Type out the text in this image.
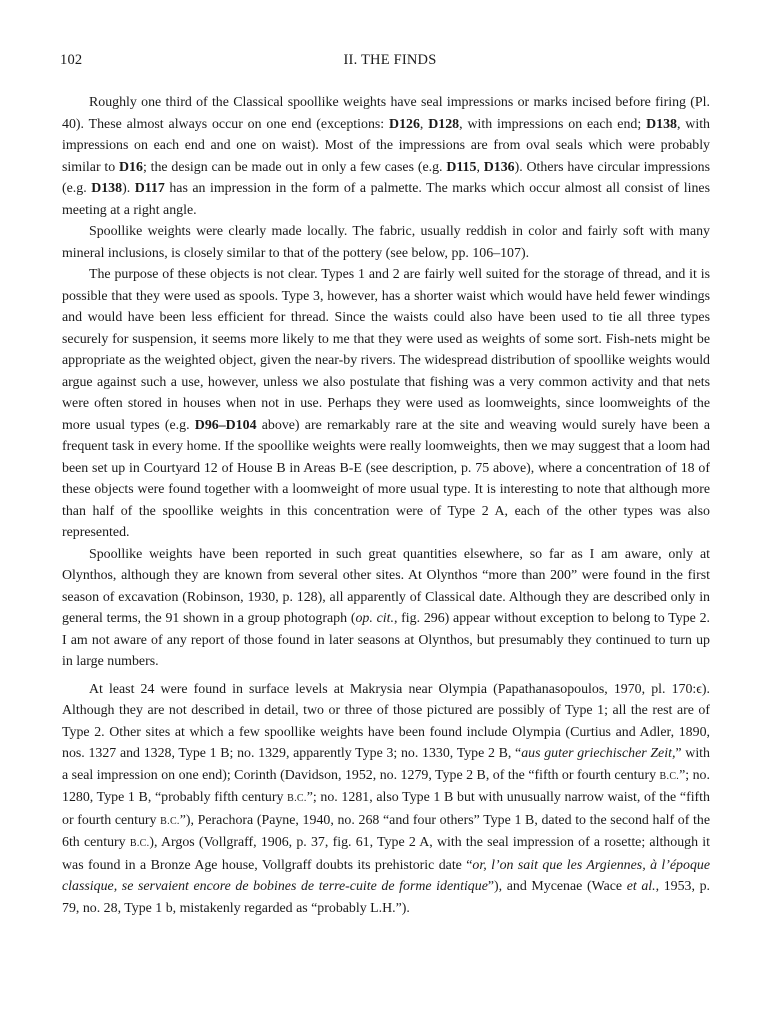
102	II. THE FINDS

Roughly one third of the Classical spoollike weights have seal impressions or marks incised before firing (Pl. 40). These almost always occur on one end (exceptions: D126, D128, with impressions on each end; D138, with impressions on each end and one on waist). Most of the impressions are from oval seals which were probably similar to D16; the design can be made out in only a few cases (e.g. D115, D136). Others have circular impressions (e.g. D138). D117 has an impression in the form of a palmette. The marks which occur almost all consist of lines meeting at a right angle.

Spoollike weights were clearly made locally. The fabric, usually reddish in color and fairly soft with many mineral inclusions, is closely similar to that of the pottery (see below, pp. 106–107).

The purpose of these objects is not clear. Types 1 and 2 are fairly well suited for the storage of thread, and it is possible that they were used as spools. Type 3, however, has a shorter waist which would have held fewer windings and would have been less efficient for thread. Since the waists could also have been used to tie all three types securely for suspension, it seems more likely to me that they were used as weights of some sort. Fish-nets might be appropriate as the weighted object, given the near-by rivers. The widespread distribution of spoollike weights would argue against such a use, however, unless we also postulate that fishing was a very common activity and that nets were often stored in houses when not in use. Perhaps they were used as loomweights, since loomweights of the more usual types (e.g. D96–D104 above) are remarkably rare at the site and weaving would surely have been a frequent task in every home. If the spoollike weights were really loomweights, then we may suggest that a loom had been set up in Courtyard 12 of House B in Areas B-E (see description, p. 75 above), where a concentration of 18 of these objects were found together with a loomweight of more usual type. It is interesting to note that although more than half of the spoollike weights in this concentration were of Type 2 A, each of the other types was also represented.

Spoollike weights have been reported in such great quantities elsewhere, so far as I am aware, only at Olynthos, although they are known from several other sites. At Olynthos “more than 200” were found in the first season of excavation (Robinson, 1930, p. 128), all apparently of Classical date. Although they are described only in general terms, the 91 shown in a group photograph (op. cit., fig. 296) appear without exception to belong to Type 2. I am not aware of any report of those found in later seasons at Olynthos, but presumably they continued to turn up in large numbers.

At least 24 were found in surface levels at Makrysia near Olympia (Papathanasopoulos, 1970, pl. 170:ϵ). Although they are not described in detail, two or three of those pictured are possibly of Type 1; all the rest are of Type 2. Other sites at which a few spoollike weights have been found include Olympia (Curtius and Adler, 1890, nos. 1327 and 1328, Type 1 B; no. 1329, apparently Type 3; no. 1330, Type 2 B, “aus guter griechischer Zeit,” with a seal impression on one end); Corinth (Davidson, 1952, no. 1279, Type 2 B, of the “fifth or fourth century B.C.”; no. 1280, Type 1 B, “probably fifth century B.C.”; no. 1281, also Type 1 B but with unusually narrow waist, of the “fifth or fourth century B.C.”), Perachora (Payne, 1940, no. 268 “and four others” Type 1 B, dated to the second half of the 6th century B.C.), Argos (Vollgraff, 1906, p. 37, fig. 61, Type 2 A, with the seal impression of a rosette; although it was found in a Bronze Age house, Vollgraff doubts its prehistoric date “or, l’on sait que les Argiennes, à l’époque classique, se servaient encore de bobines de terre-cuite de forme identique”), and Mycenae (Wace et al., 1953, p. 79, no. 28, Type 1 b, mistakenly regarded as “probably L.H.”).
